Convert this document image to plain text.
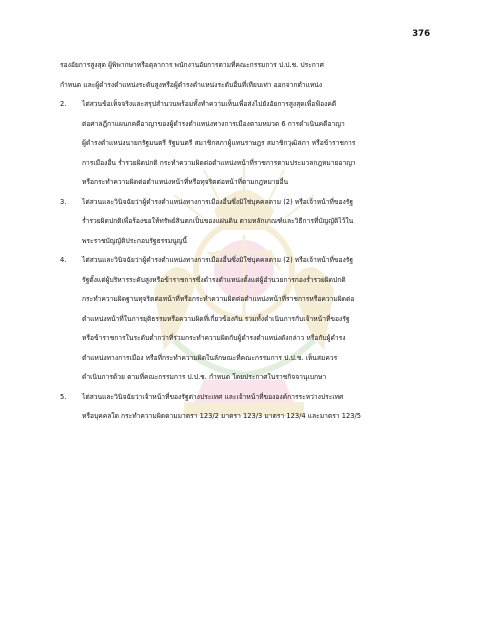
376
รองอัยการสูงสุด ผู้พิพากษาหรือตุลาการ พนักงานอัยการตามที่คณะกรรมการ ป.ป.ช. ประกาศ
กำหนด และผู้ดำรงตำแหน่งระดับสูงหรือผู้ดำรงตำแหน่งระดับอื่นที่เทียบเท่า ออกจากตำแหน่ง
2.	ไต่สวนข้อเท็จจริงและสรุปสำนวนพร้อมทั้งทำความเห็นเพื่อส่งไปยังอัยการสูงสุดเพื่อฟ้องคดี
ต่อศาลฎีกาแผนกคดีอาญาของผู้ดำรงตำแหน่งทางการเมืองตามหมวด 6 การดำเนินคดีอาญา
ผู้ดำรงตำแหน่งนายกรัฐมนตรี รัฐมนตรี สมาชิกสภาผู้แทนราษฎร สมาชิกวุฒิสภา หรือข้าราชการ
การเมืองอื่น ร่ำรวยผิดปกติ กระทำความผิดต่อตำแหน่งหน้าที่ราชการตามประมวลกฎหมายอาญา
หรือกระทำความผิดต่อตำแหน่งหน้าที่หรือทุจริตต่อหน้าที่ตามกฎหมายอื่น
3.	ไต่สวนและวินิจฉัยว่าผู้ดำรงตำแหน่งทางการเมืองอื่นซึ่งมิใช่บุคคลตาม (2) หรือเจ้าหน้าที่ของรัฐ
ร่ำรวยผิดปกติเพื่อร้องขอให้ทรัพย์สินตกเป็นของแผ่นดิน ตามหลักเกณฑ์และวิธีการที่บัญญัติไว้ใน
พระราชบัญญัติประกอบรัฐธรรมนูญนี้
4.	ไต่สวนและวินิจฉัยว่าผู้ดำรงตำแหน่งทางการเมืองอื่นซึ่งมิใช่บุคคลตาม (2) หรือเจ้าหน้าที่ของรัฐ
รัฐตั้งแต่ผู้บริหารระดับสูงหรือข้าราชการซึ่งดำรงตำแหน่งตั้งแต่ผู้อำนวยการกองร่ำรวยผิดปกติ
กระทำความผิดฐานทุจริตต่อหน้าที่หรือกระทำความผิดต่อตำแหน่งหน้าที่ราชการหรือความผิดต่อ
ตำแหน่งหน้าที่ในการยุติธรรมหรือความผิดที่เกี่ยวข้องกัน รวมทั้งดำเนินการกับเจ้าหน้าที่ของรัฐ
หรือข้าราชการในระดับต่ำกว่าที่ร่วมกระทำความผิดกับผู้ดำรงตำแหน่งดังกล่าว หรือกับผู้ดำรง
ตำแหน่งทางการเมือง หรือที่กระทำความผิดในลักษณะที่คณะกรรมการ ป.ป.ช. เห็นสมควร
ดำเนินการด้วย ตามที่คณะกรรมการ ป.ป.ช. กำหนด โดยประกาศในราชกิจจานุเบกษา
5.	ไต่สวนและวินิจฉัยว่าเจ้าหน้าที่ของรัฐต่างประเทศ และเจ้าหน้าที่ขององค์การระหว่างประเทศ
หรือบุคคลใด กระทำความผิดตามมาตรา 123/2 มาตรา 123/3 มาตรา 123/4 และมาตรา 123/5
